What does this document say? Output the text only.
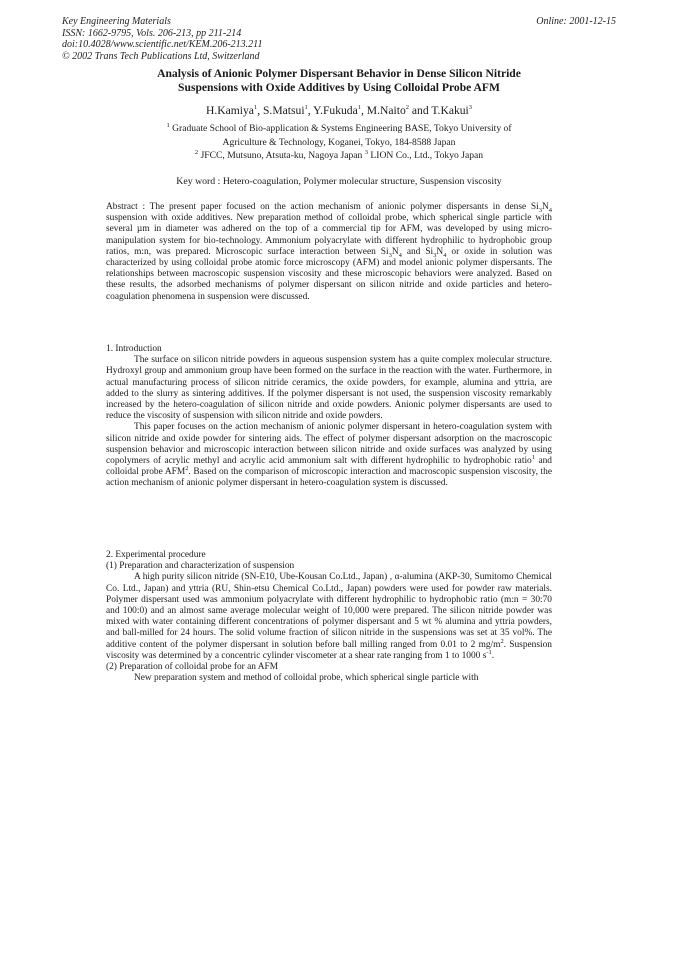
Key Engineering Materials
ISSN: 1662-9795, Vols. 206-213, pp 211-214
doi:10.4028/www.scientific.net/KEM.206-213.211
© 2002 Trans Tech Publications Ltd, Switzerland
Online: 2001-12-15
Analysis of Anionic Polymer Dispersant Behavior in Dense Silicon Nitride
Suspensions with Oxide Additives by Using Colloidal Probe AFM
H.Kamiya$^1$, S.Matsui$^1$, Y.Fukuda$^1$, M.Naito$^2$ and T.Kakui$^3$
$^1$ Graduate School of Bio-application & Systems Engineering BASE, Tokyo University of
Agriculture & Technology, Koganei, Tokyo, 184-8588 Japan
$^2$ JFCC, Mutsuno, Atsuta-ku, Nagoya Japan $^3$ LION Co., Ltd., Tokyo Japan
Key word : Hetero-coagulation, Polymer molecular structure, Suspension viscosity

Abstract : The present paper focused on the action mechanism of anionic polymer dispersants in dense $Si_3N_4$ suspension with oxide additives. New preparation method of colloidal probe, which spherical single particle with several µm in diameter was adhered on the top of a commercial tip for AFM, was developed by using micro-manipulation system for bio-technology. Ammonium polyacrylate with different hydrophilic to hydrophobic group ratios, m:n, was prepared. Microscopic surface interaction between $Si_3N_4$ and $Si_3N_4$ or oxide in solution was characterized by using colloidal probe atomic force microscopy (AFM) and model anionic polymer dispersants. The relationships between macroscopic suspension viscosity and these microscopic behaviors were analyzed. Based on these results, the adsorbed mechanisms of polymer dispersant on silicon nitride and oxide particles and hetero-coagulation phenomena in suspension were discussed.

1. Introduction

The surface on silicon nitride powders in aqueous suspension system has a quite complex molecular structure. Hydroxyl group and ammonium group have been formed on the surface in the reaction with the water. Furthermore, in actual manufacturing process of silicon nitride ceramics, the oxide powders, for example, alumina and yttria, are added to the slurry as sintering additives. If the polymer dispersant is not used, the suspension viscosity remarkably increased by the hetero-coagulation of silicon nitride and oxide powders. Anionic polymer dispersants are used to reduce the viscosity of suspension with silicon nitride and oxide powders.

This paper focuses on the action mechanism of anionic polymer dispersant in hetero-coagulation system with silicon nitride and oxide powder for sintering aids. The effect of polymer dispersant adsorption on the macroscopic suspension behavior and microscopic interaction between silicon nitride and oxide surfaces was analyzed by using copolymers of acrylic methyl and acrylic acid ammonium salt with different hydrophilic to hydrophobic ratio$^1$ and colloidal probe AFM$^2$. Based on the comparison of microscopic interaction and macroscopic suspension viscosity, the action mechanism of anionic polymer dispersant in hetero-coagulation system is discussed.

2. Experimental procedure
(1) Preparation and characterization of suspension

A high purity silicon nitride (SN-E10, Ube-Kousan Co.Ltd., Japan) , α-alumina (AKP-30, Sumitomo Chemical Co. Ltd., Japan) and yttria (RU, Shin-etsu Chemical Co.Ltd., Japan) powders were used for powder raw materials. Polymer dispersant used was ammonium polyacrylate with different hydrophilic to hydrophobic ratio (m:n = 30:70 and 100:0) and an almost same average molecular weight of 10,000 were prepared. The silicon nitride powder was mixed with water containing different concentrations of polymer dispersant and 5 wt % alumina and yttria powders, and ball-milled for 24 hours. The solid volume fraction of silicon nitride in the suspensions was set at 35 vol%. The additive content of the polymer dispersant in solution before ball milling ranged from 0.01 to 2 $mg/m^2$. Suspension viscosity was determined by a concentric cylinder viscometer at a shear rate ranging from 1 to 1000 $s^{-1}$.

(2) Preparation of colloidal probe for an AFM

New preparation system and method of colloidal probe, which spherical single particle with
